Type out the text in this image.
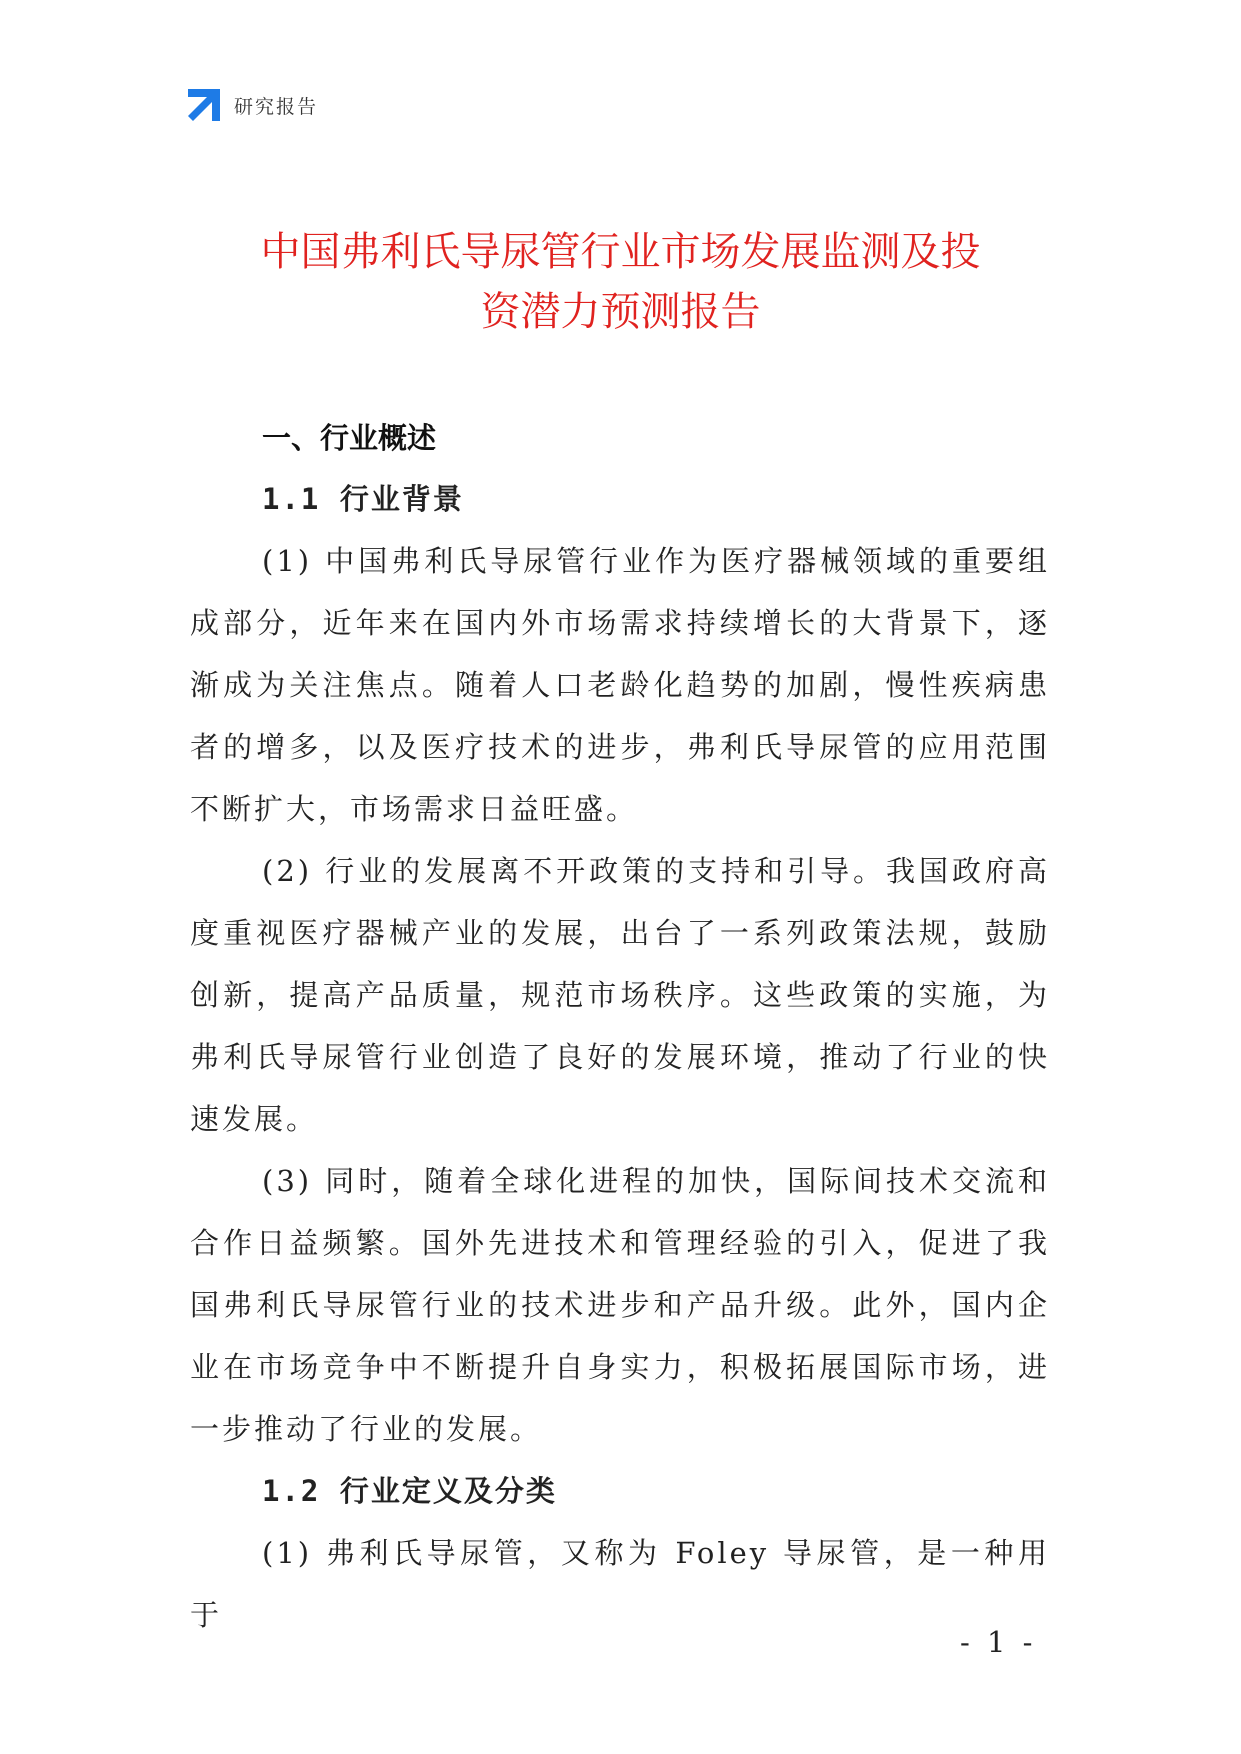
研究报告
中国弗利氏导尿管行业市场发展监测及投
资潜力预测报告
一、行业概述
1.1 行业背景

(1) 中国弗利氏导尿管行业作为医疗器械领域的重要组成部分，近年来在国内外市场需求持续增长的大背景下，逐渐成为关注焦点。随着人口老龄化趋势的加剧，慢性疾病患者的增多，以及医疗技术的进步，弗利氏导尿管的应用范围不断扩大，市场需求日益旺盛。

(2) 行业的发展离不开政策的支持和引导。我国政府高度重视医疗器械产业的发展，出台了一系列政策法规，鼓励创新，提高产品质量，规范市场秩序。这些政策的实施，为弗利氏导尿管行业创造了良好的发展环境，推动了行业的快速发展。

(3) 同时，随着全球化进程的加快，国际间技术交流和合作日益频繁。国外先进技术和管理经验的引入，促进了我国弗利氏导尿管行业的技术进步和产品升级。此外，国内企业在市场竞争中不断提升自身实力，积极拓展国际市场，进一步推动了行业的发展。

1.2 行业定义及分类

(1) 弗利氏导尿管，又称为 Foley 导尿管，是一种用于

- 1 -
